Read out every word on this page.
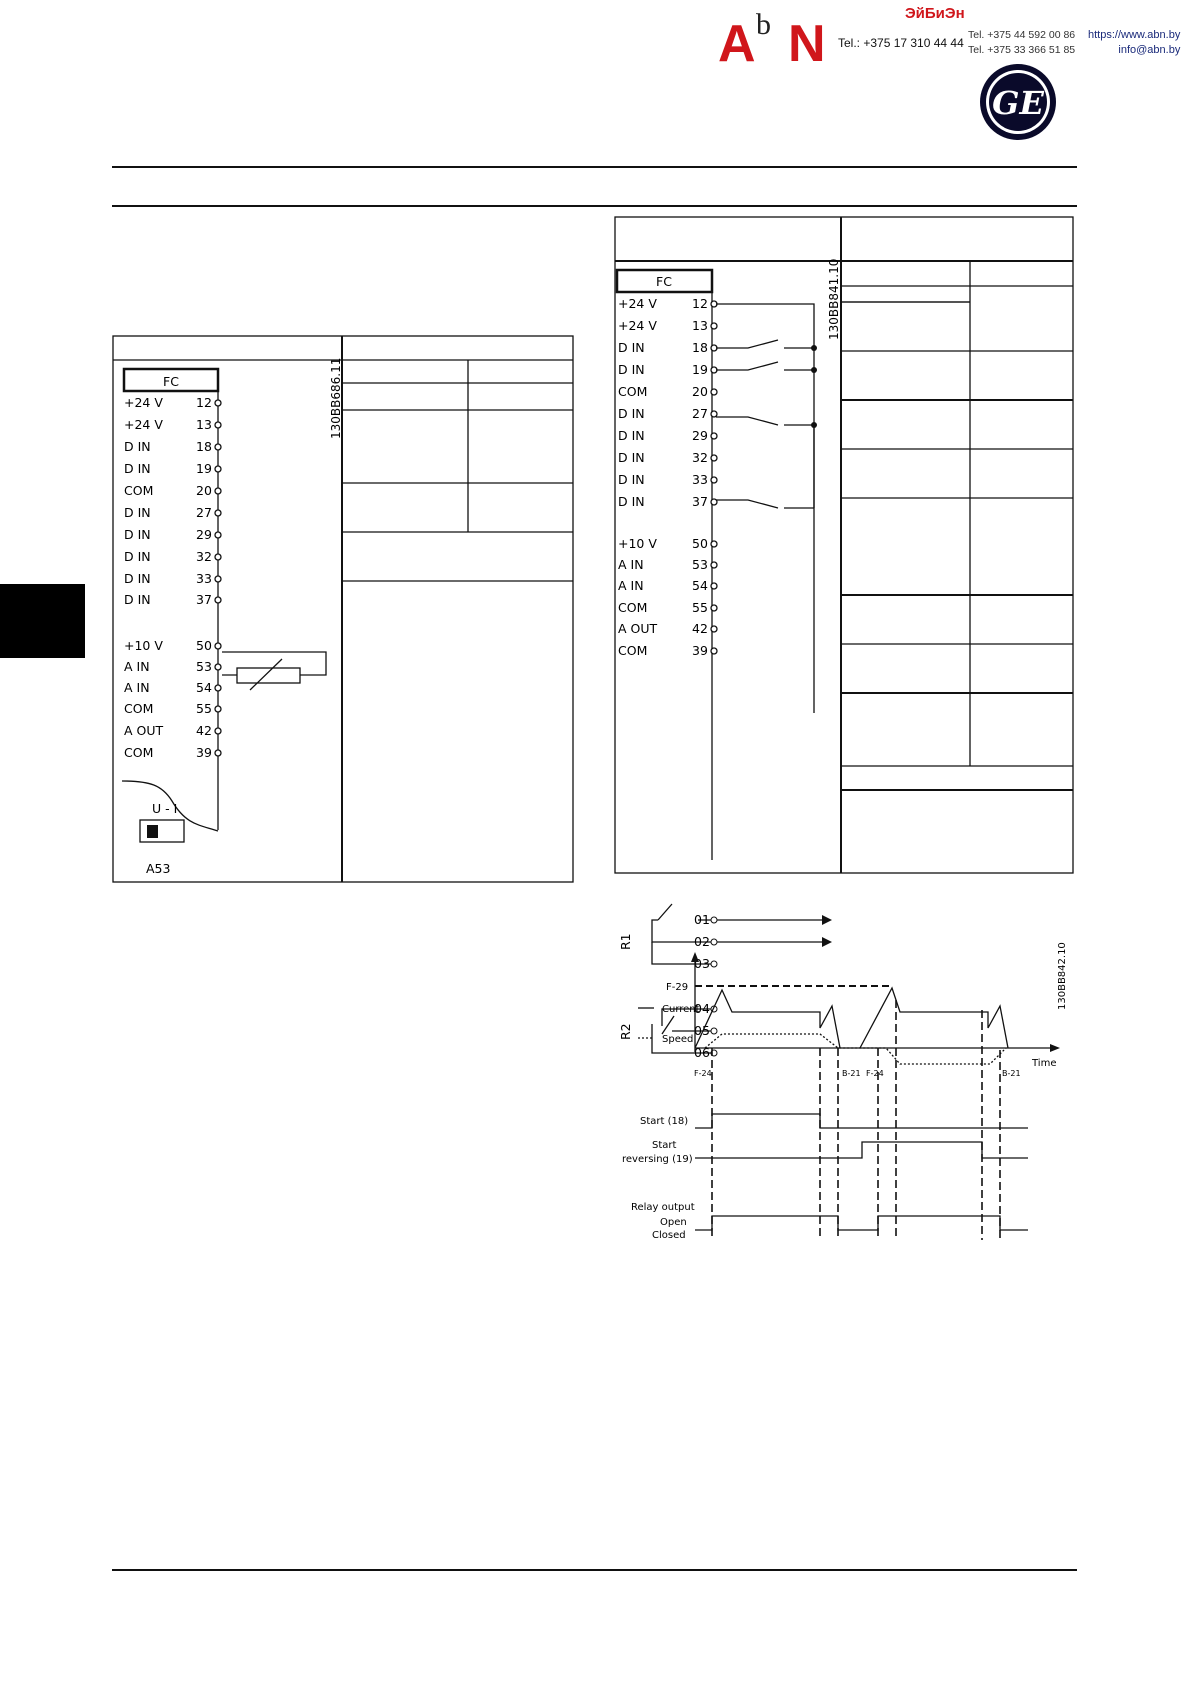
A b N
ЭйБиЭн
Tel.: +375 17 310 44 44
Tel. +375 44 592 00 86
Tel. +375 33 366 51 85
https://www.abn.by
info@abn.by
GE
FC	130BB686.11
+24 V	12
+24 V	13
D IN	18
D IN	19
COM	20
D IN	27
D IN	29
D IN	32
D IN	33
D IN	37
+10 V	50
A IN	53
A IN	54
COM	55
A OUT	42
COM	39
U - I
A53
FC	130BB841.10
+24 V	12
+24 V	13
D IN	18
D IN	19
COM	20
D IN	27
D IN	29
D IN	32
D IN	33
D IN	37
+10 V	50
A IN	53
A IN	54
COM	55
A OUT	42
COM	39
R1
R2
01
02
03
04
05
06
130BB842.10
F-29
Current
Speed
Time
F-24	B-21 F-24	B-21
Start (18)
Start
reversing (19)
Relay output
Open
Closed
